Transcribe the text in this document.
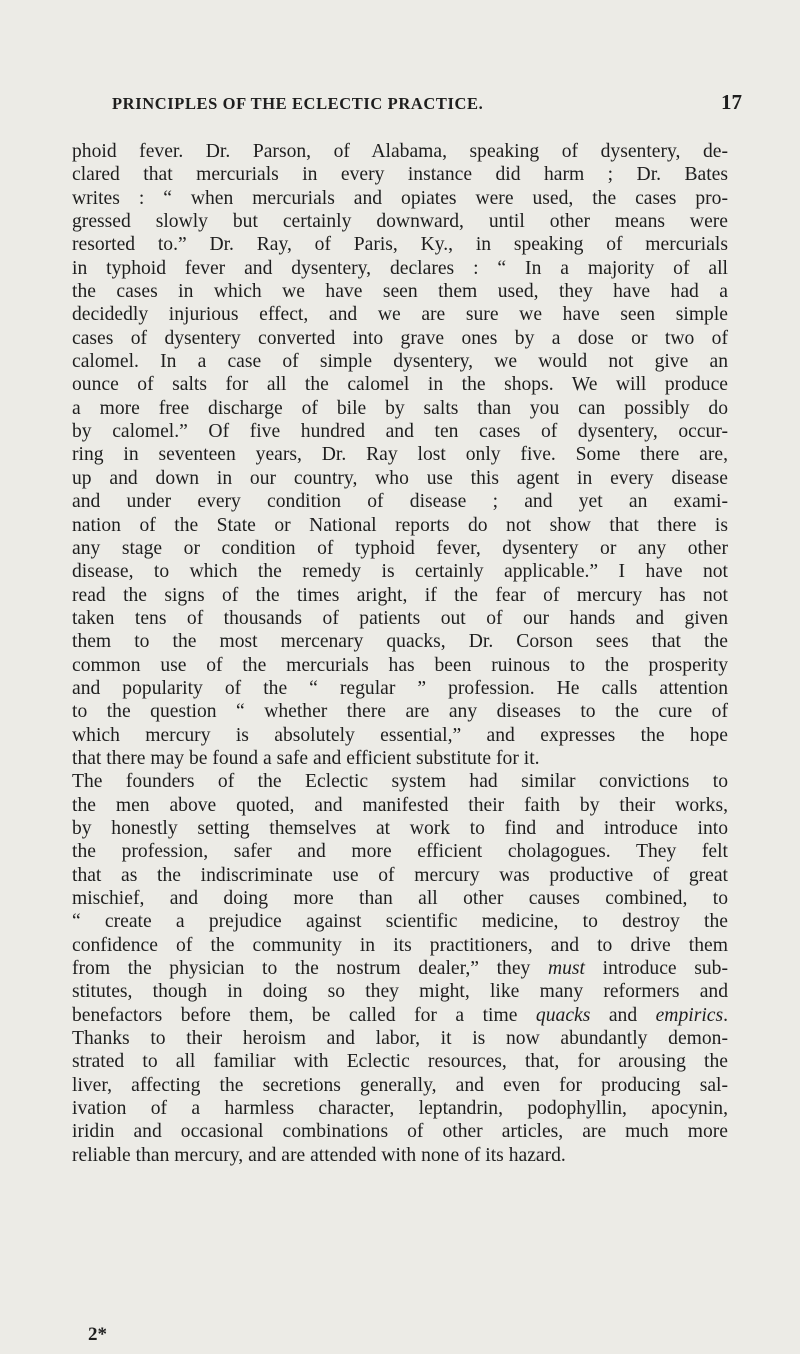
PRINCIPLES OF THE ECLECTIC PRACTICE.	17
phoid fever. Dr. Parson, of Alabama, speaking of dysentery, de-
clared that mercurials in every instance did harm ; Dr. Bates
writes : “ when mercurials and opiates were used, the cases pro-
gressed slowly but certainly downward, until other means were
resorted to.” Dr. Ray, of Paris, Ky., in speaking of mercurials
in typhoid fever and dysentery, declares : “ In a majority of all
the cases in which we have seen them used, they have had a
decidedly injurious effect, and we are sure we have seen simple
cases of dysentery converted into grave ones by a dose or two of
calomel. In a case of simple dysentery, we would not give an
ounce of salts for all the calomel in the shops. We will produce
a more free discharge of bile by salts than you can possibly do
by calomel.” Of five hundred and ten cases of dysentery, occur-
ring in seventeen years, Dr. Ray lost only five. Some there are,
up and down in our country, who use this agent in every disease
and under every condition of disease ; and yet an exami-
nation of the State or National reports do not show that there is
any stage or condition of typhoid fever, dysentery or any other
disease, to which the remedy is certainly applicable.” I have not
read the signs of the times aright, if the fear of mercury has not
taken tens of thousands of patients out of our hands and given
them to the most mercenary quacks, Dr. Corson sees that the
common use of the mercurials has been ruinous to the prosperity
and popularity of the “ regular ” profession. He calls attention
to the question “ whether there are any diseases to the cure of
which mercury is absolutely essential,” and expresses the hope
that there may be found a safe and efficient substitute for it.
The founders of the Eclectic system had similar convictions to
the men above quoted, and manifested their faith by their works,
by honestly setting themselves at work to find and introduce into
the profession, safer and more efficient cholagogues. They felt
that as the indiscriminate use of mercury was productive of great
mischief, and doing more than all other causes combined, to
“ create a prejudice against scientific medicine, to destroy the
confidence of the community in its practitioners, and to drive them
from the physician to the nostrum dealer,” they must introduce sub-
stitutes, though in doing so they might, like many reformers and
benefactors before them, be called for a time quacks and empirics.
Thanks to their heroism and labor, it is now abundantly demon-
strated to all familiar with Eclectic resources, that, for arousing the
liver, affecting the secretions generally, and even for producing sal-
ivation of a harmless character, leptandrin, podophyllin, apocynin,
iridin and occasional combinations of other articles, are much more
reliable than mercury, and are attended with none of its hazard.
2*
